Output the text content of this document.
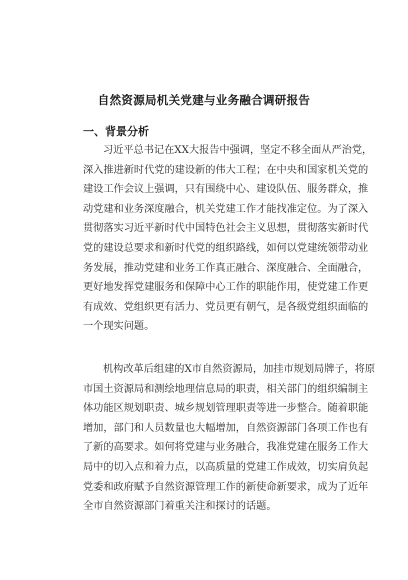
自然资源局机关党建与业务融合调研报告
一、背景分析
习近平总书记在XX大报告中强调，坚定不移全面从严治党，
深入推进新时代党的建设新的伟大工程；在中央和国家机关党的
建设工作会议上强调，只有围绕中心、建设队伍、服务群众，推
动党建和业务深度融合，机关党建工作才能找准定位。为了深入
贯彻落实习近平新时代中国特色社会主义思想，贯彻落实新时代
党的建设总要求和新时代党的组织路线，如何以党建统领带动业
务发展，推动党建和业务工作真正融合、深度融合、全面融合，
更好地发挥党建服务和保障中心工作的职能作用，使党建工作更
有成效、党组织更有活力、党员更有朝气，是各级党组织面临的
一个现实问题。
机构改革后组建的X市自然资源局，加挂市规划局牌子，将原
市国土资源局和测绘地理信息局的职责，相关部门的组织编制主
体功能区规划职责、城乡规划管理职责等进一步整合。随着职能
增加，部门和人员数量也大幅增加，自然资源部门各项工作也有
了新的高要求。如何将党建与业务融合，我准党建在服务工作大
局中的切入点和着力点，以高质量的党建工作成效，切实肩负起
党委和政府赋予自然资源管理工作的新使命新要求，成为了近年
全市自然资源部门着重关注和探讨的话题。
